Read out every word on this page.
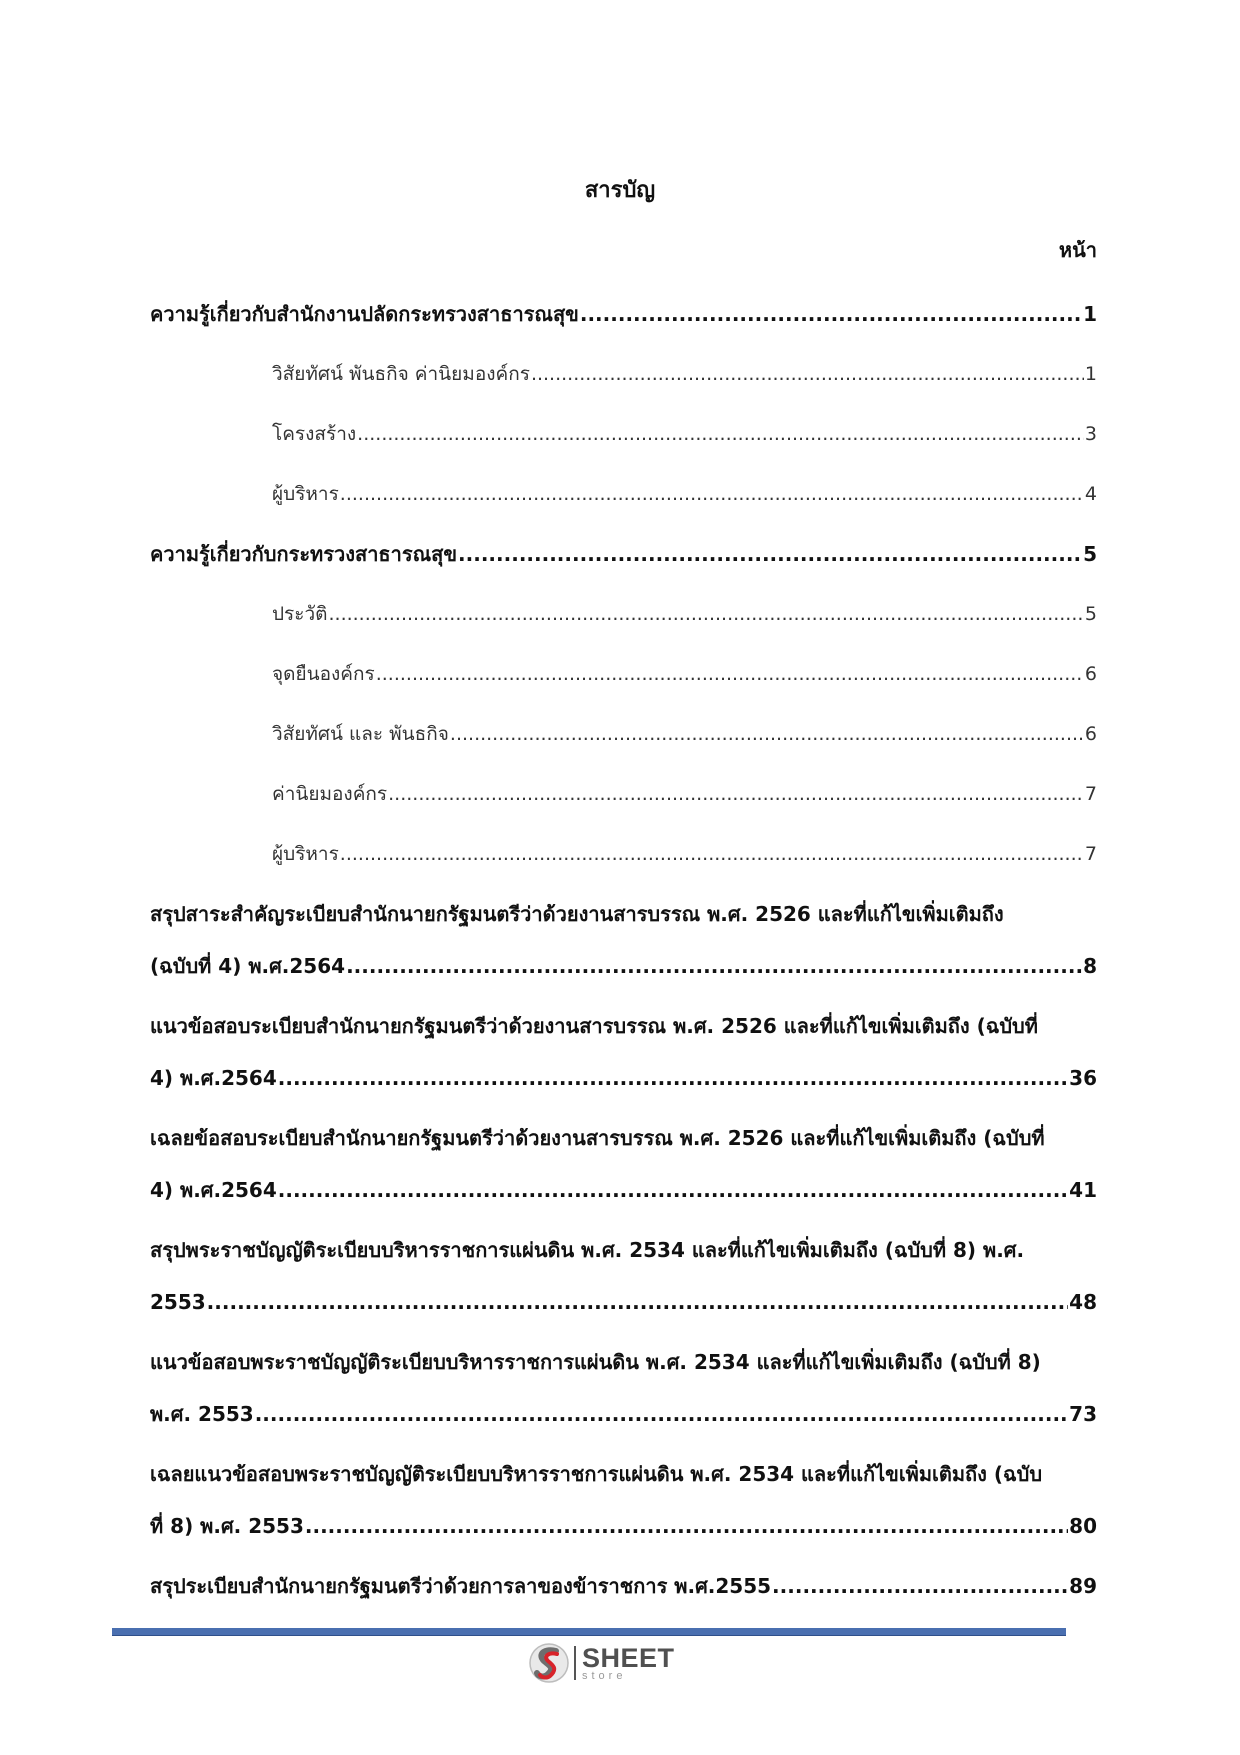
สารบัญ
หน้า
ความรู้เกี่ยวกับสำนักงานปลัดกระทรวงสาธารณสุข .....	1
วิสัยทัศน์ พันธกิจ ค่านิยมองค์กร .....	1
โครงสร้าง .....	3
ผู้บริหาร .....	4
ความรู้เกี่ยวกับกระทรวงสาธารณสุข .....	5
ประวัติ .....	5
จุดยืนองค์กร .....	6
วิสัยทัศน์ และ พันธกิจ .....	6
ค่านิยมองค์กร .....	7
ผู้บริหาร .....	7
สรุปสาระสำคัญระเบียบสำนักนายกรัฐมนตรีว่าด้วยงานสารบรรณ พ.ศ. 2526 และที่แก้ไขเพิ่มเติมถึง
(ฉบับที่ 4) พ.ศ.2564 .....	8
แนวข้อสอบระเบียบสำนักนายกรัฐมนตรีว่าด้วยงานสารบรรณ พ.ศ. 2526 และที่แก้ไขเพิ่มเติมถึง (ฉบับที่
4) พ.ศ.2564 .....	36
เฉลยข้อสอบระเบียบสำนักนายกรัฐมนตรีว่าด้วยงานสารบรรณ พ.ศ. 2526 และที่แก้ไขเพิ่มเติมถึง (ฉบับที่
4) พ.ศ.2564 .....	41
สรุปพระราชบัญญัติระเบียบบริหารราชการแผ่นดิน พ.ศ. 2534 และที่แก้ไขเพิ่มเติมถึง (ฉบับที่ 8) พ.ศ.
2553 .....	48
แนวข้อสอบพระราชบัญญัติระเบียบบริหารราชการแผ่นดิน พ.ศ. 2534 และที่แก้ไขเพิ่มเติมถึง (ฉบับที่ 8)
พ.ศ. 2553 .....	73
เฉลยแนวข้อสอบพระราชบัญญัติระเบียบบริหารราชการแผ่นดิน พ.ศ. 2534 และที่แก้ไขเพิ่มเติมถึง (ฉบับ
ที่ 8) พ.ศ. 2553 .....	80
สรุประเบียบสำนักนายกรัฐมนตรีว่าด้วยการลาของข้าราชการ พ.ศ.2555 .....	89
SHEET
store
